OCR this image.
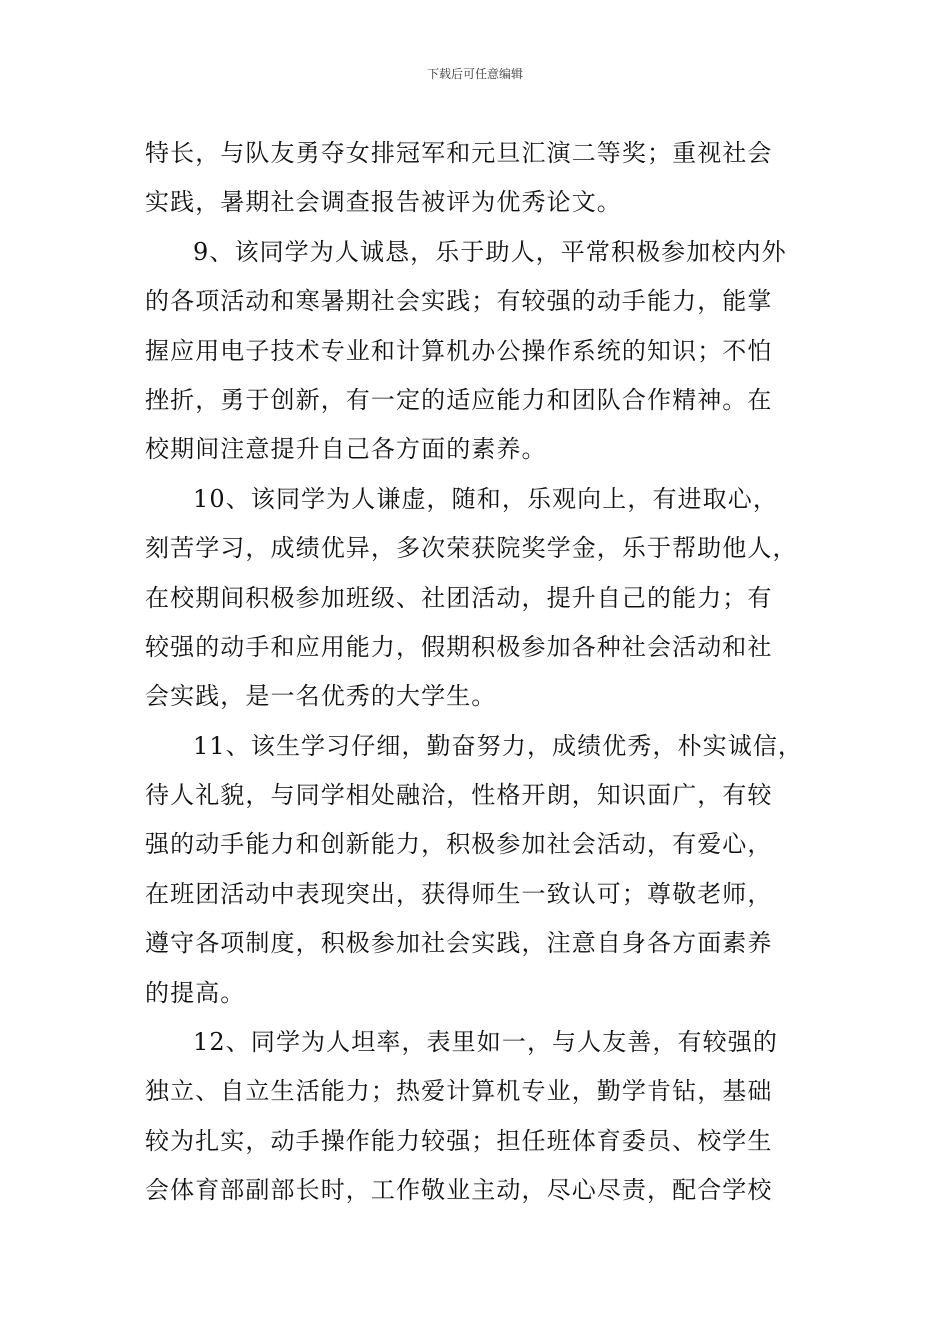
下载后可任意编辑
特长，与队友勇夺女排冠军和元旦汇演二等奖；重视社会
实践，暑期社会调查报告被评为优秀论文。
9、该同学为人诚恳，乐于助人，平常积极参加校内外
的各项活动和寒暑期社会实践；有较强的动手能力，能掌
握应用电子技术专业和计算机办公操作系统的知识；不怕
挫折，勇于创新，有一定的适应能力和团队合作精神。在
校期间注意提升自己各方面的素养。
10、该同学为人谦虚，随和，乐观向上，有进取心，
刻苦学习，成绩优异，多次荣获院奖学金，乐于帮助他人，
在校期间积极参加班级、社团活动，提升自己的能力；有
较强的动手和应用能力，假期积极参加各种社会活动和社
会实践，是一名优秀的大学生。
11、该生学习仔细，勤奋努力，成绩优秀，朴实诚信，
待人礼貌，与同学相处融洽，性格开朗，知识面广，有较
强的动手能力和创新能力，积极参加社会活动，有爱心，
在班团活动中表现突出，获得师生一致认可；尊敬老师，
遵守各项制度，积极参加社会实践，注意自身各方面素养
的提高。
12、同学为人坦率，表里如一，与人友善，有较强的
独立、自立生活能力；热爱计算机专业，勤学肯钻，基础
较为扎实，动手操作能力较强；担任班体育委员、校学生
会体育部副部长时，工作敬业主动，尽心尽责，配合学校
